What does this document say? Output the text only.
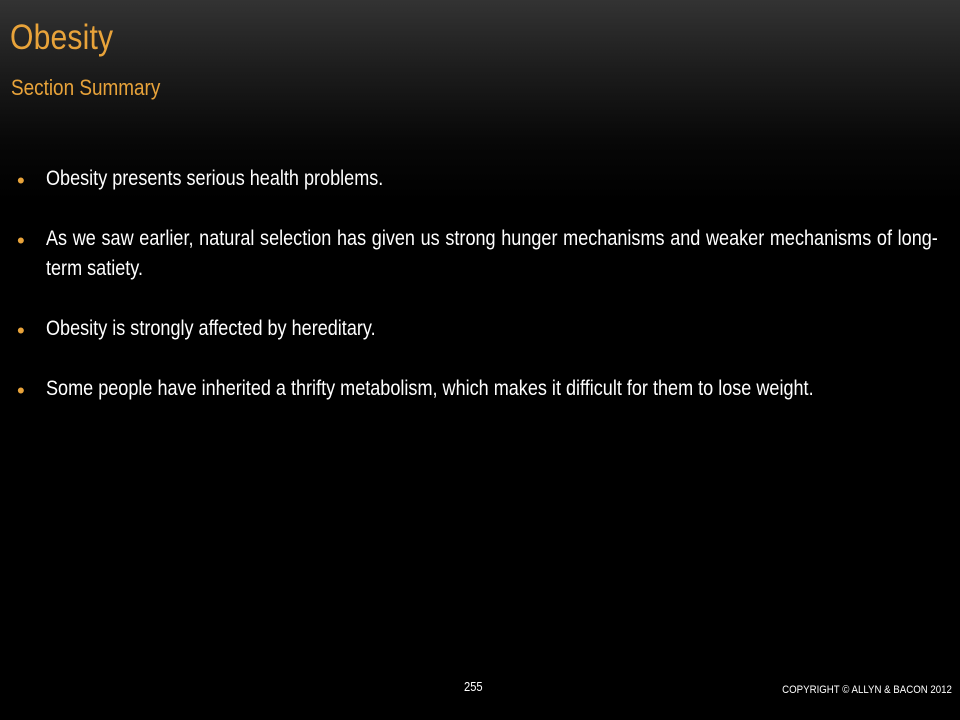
Obesity
Section Summary
• Obesity presents serious health problems.
• As we saw earlier, natural selection has given us strong hunger mechanisms and weaker mechanisms of long-term satiety.
• Obesity is strongly affected by hereditary.
• Some people have inherited a thrifty metabolism, which makes it difficult for them to lose weight.
255	COPYRIGHT © ALLYN & BACON 2012
